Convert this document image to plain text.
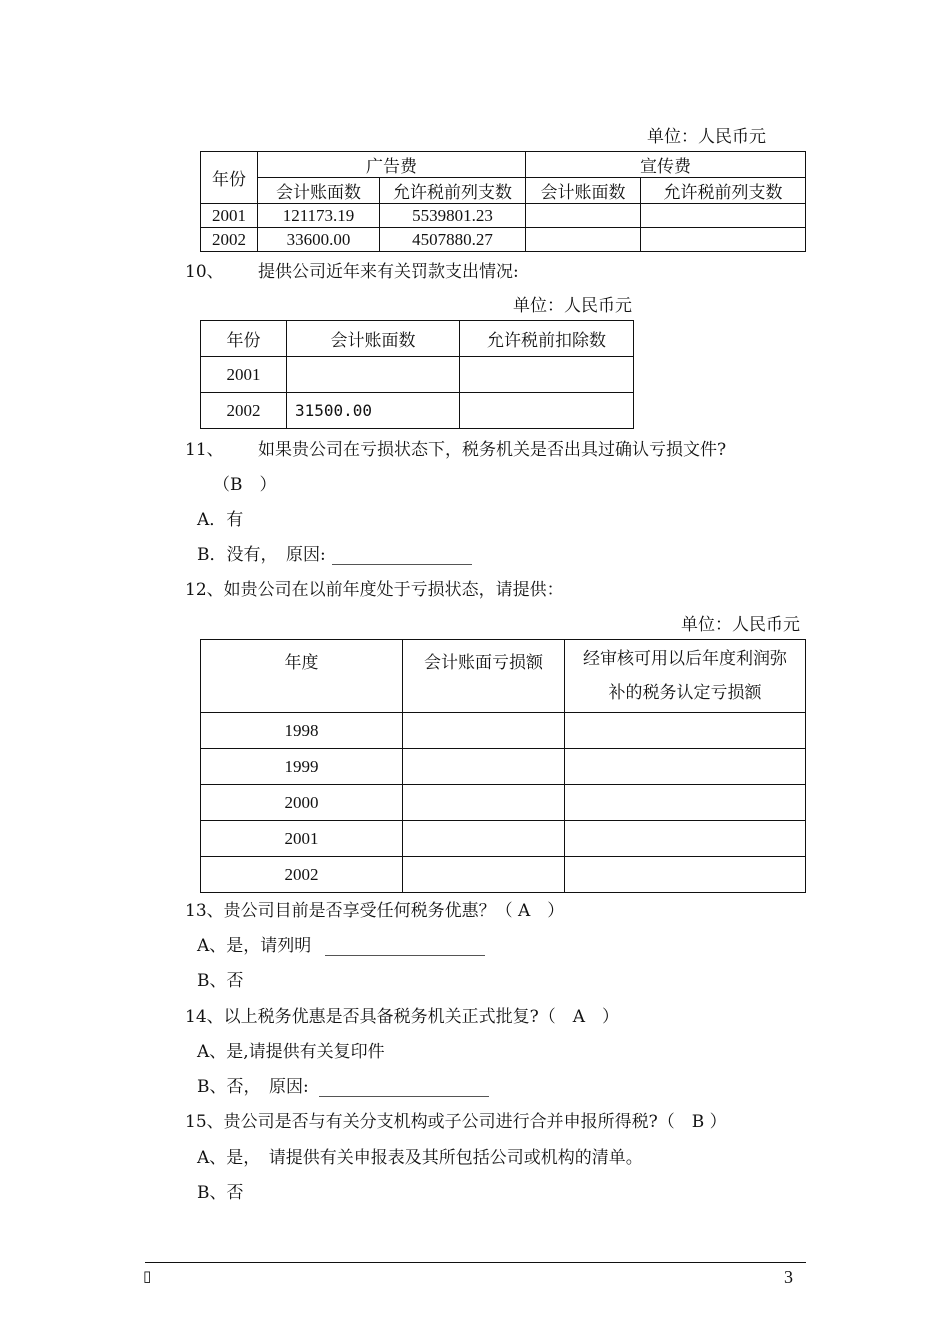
单位：人民币元
年份	广告费		宣传费	
	会计账面数	允许税前列支数	会计账面数	允许税前列支数
2001	121173.19	5539801.23		
2002	33600.00	4507880.27		
10、 提供公司近年来有关罚款支出情况:
单位：人民币元
年份	会计账面数	允许税前扣除数
2001		
2002	31500.00	
11、 如果贵公司在亏损状态下，税务机关是否出具过确认亏损文件?
（B　）
A．有
B．没有，　原因:
12、如贵公司在以前年度处于亏损状态，请提供：
单位：人民币元
年度	会计账面亏损额	经审核可用以后年度利润弥补的税务认定亏损额
1998		
1999		
2000		
2001		
2002		
13、贵公司目前是否享受任何税务优惠？（ A　）
A、是，请列明
B、否
14、以上税务优惠是否具备税务机关正式批复?（　A　）
A、是,请提供有关复印件
B、否，　原因:
15、贵公司是否与有关分支机构或子公司进行合并申报所得税?（　B ）
A、是，　请提供有关申报表及其所包括公司或机构的清单。
B、否
▯	3
